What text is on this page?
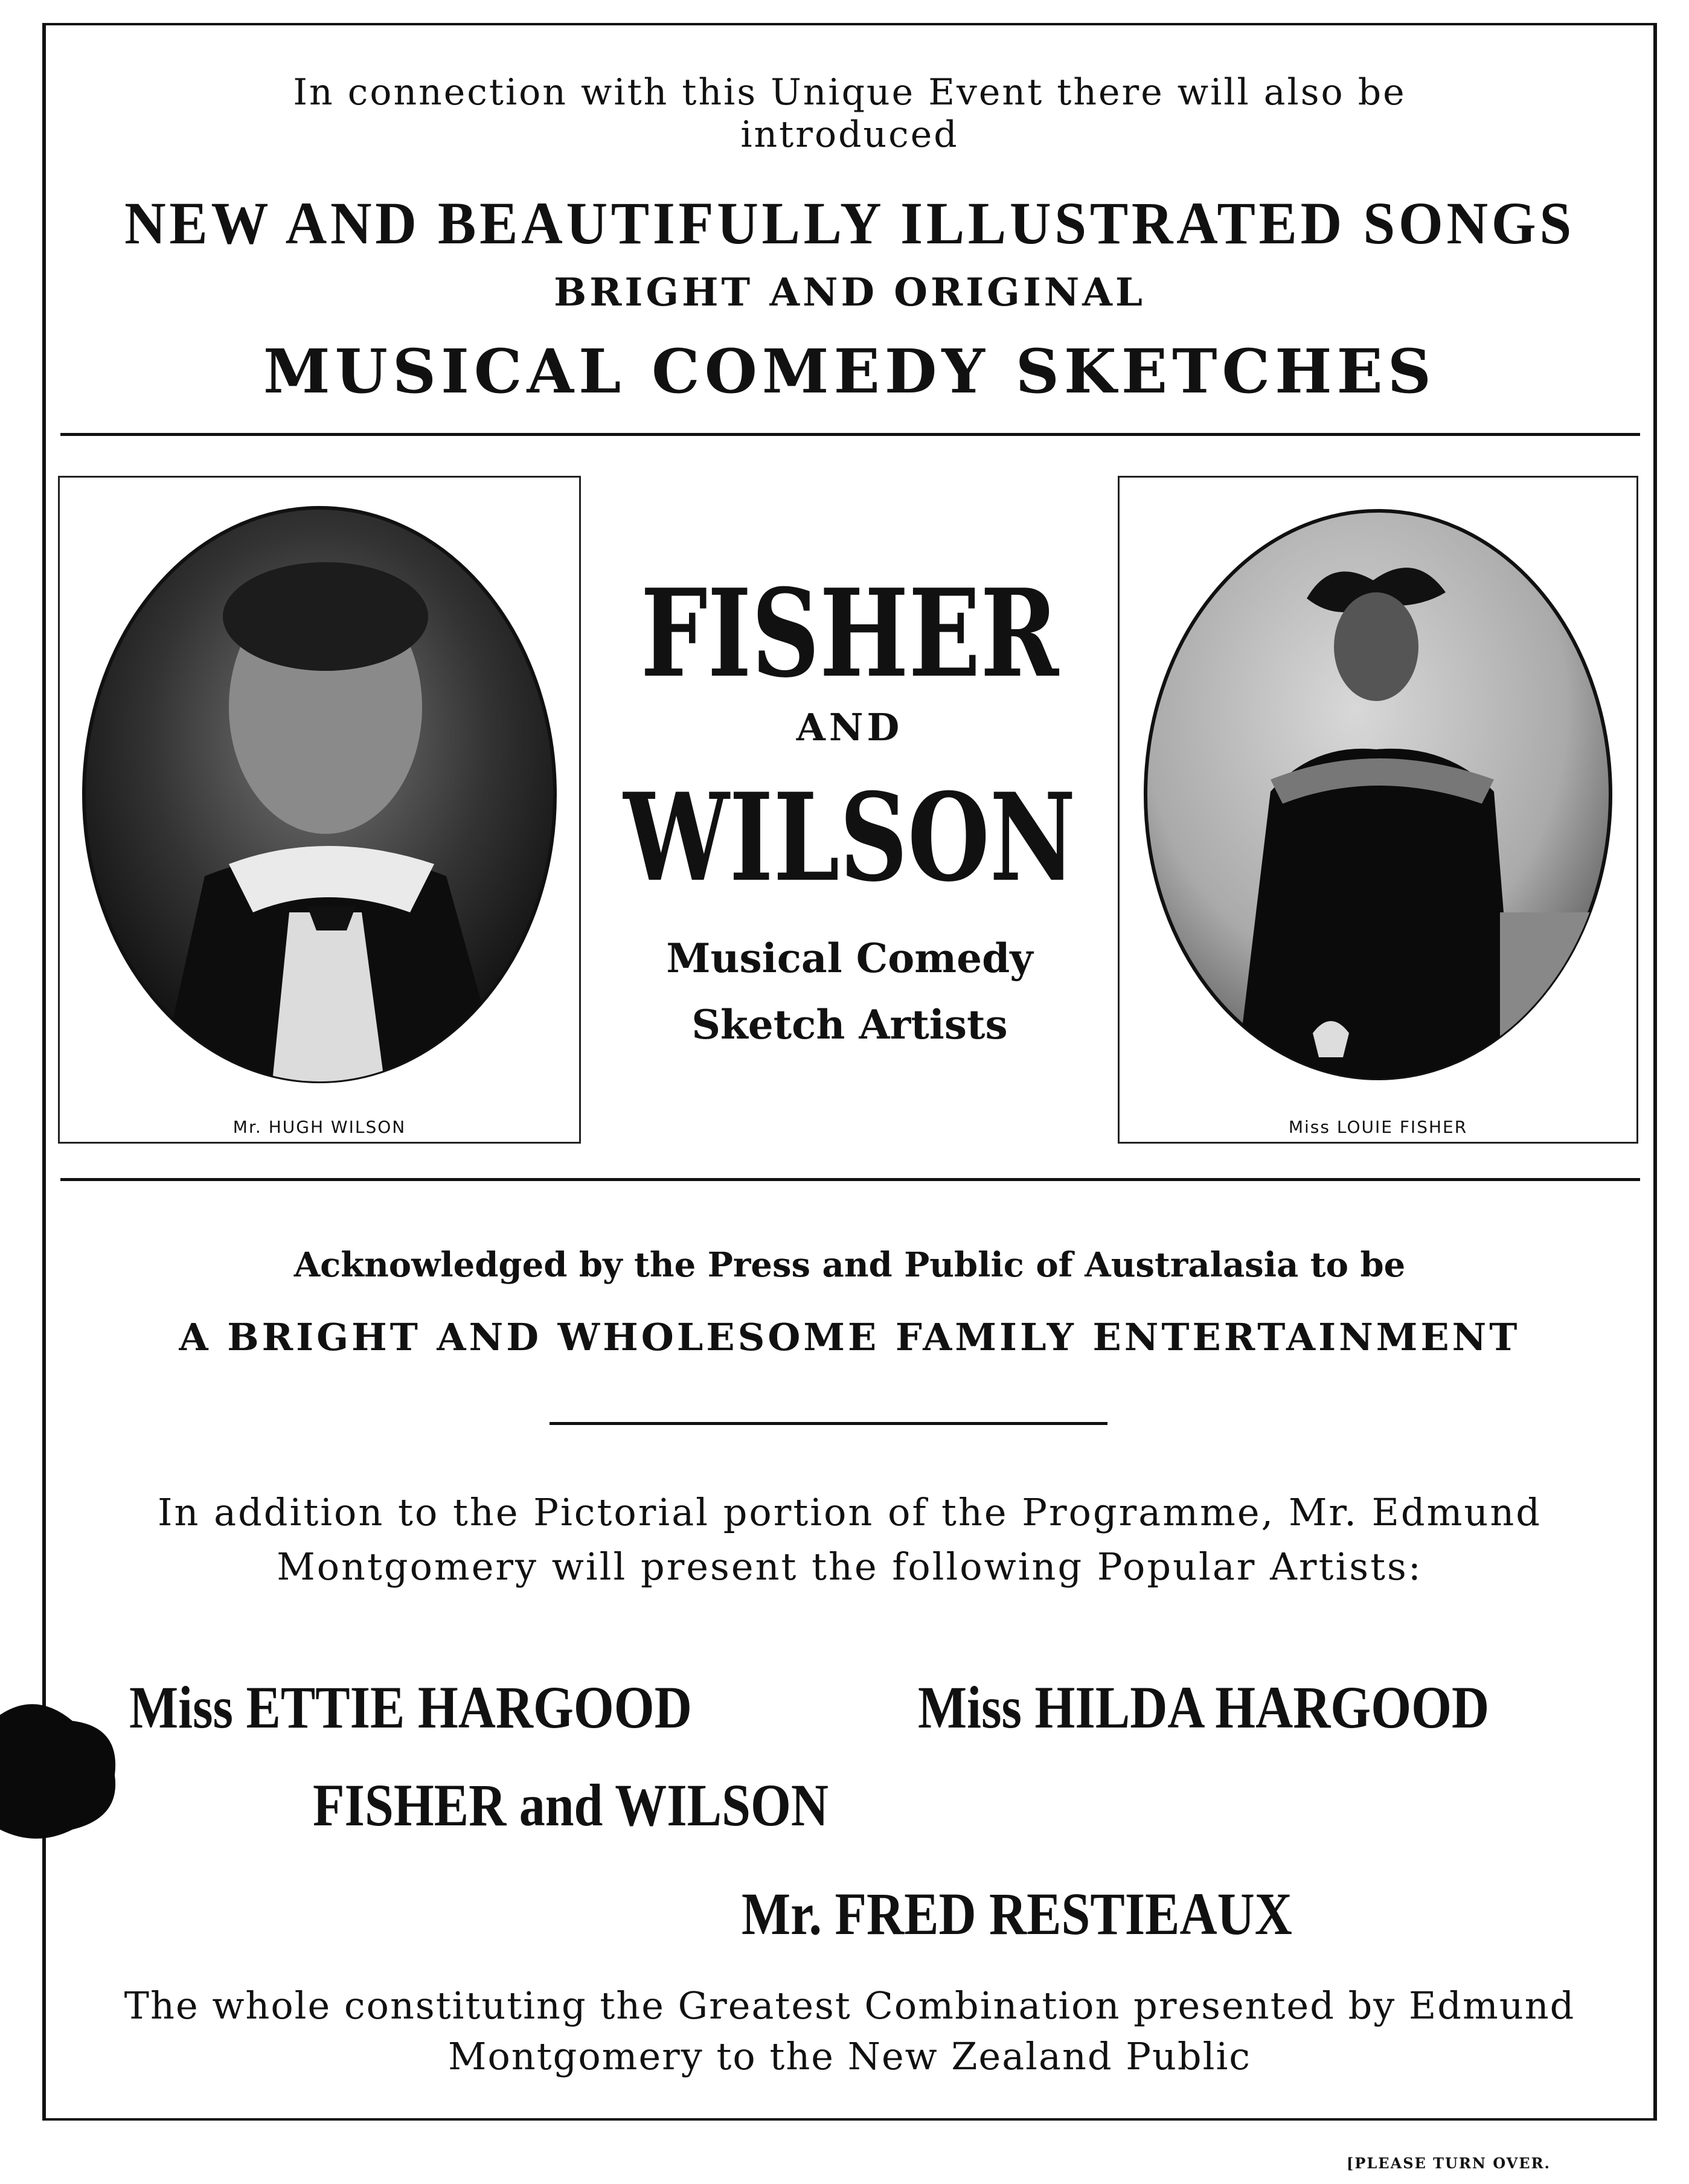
In connection with this Unique Event there will also be
introduced
NEW AND BEAUTIFULLY ILLUSTRATED SONGS
BRIGHT AND ORIGINAL
MUSICAL COMEDY SKETCHES
Mr. HUGH WILSON
FISHER
AND
WILSON
Musical Comedy
Sketch Artists
Miss LOUIE FISHER
Acknowledged by the Press and Public of Australasia to be
A BRIGHT AND WHOLESOME FAMILY ENTERTAINMENT
In addition to the Pictorial portion of the Programme, Mr. Edmund
Montgomery will present the following Popular Artists:
Miss ETTIE HARGOOD	Miss HILDA HARGOOD
FISHER and WILSON
Mr. FRED RESTIEAUX
The whole constituting the Greatest Combination presented by Edmund
Montgomery to the New Zealand Public
[PLEASE TURN OVER.
